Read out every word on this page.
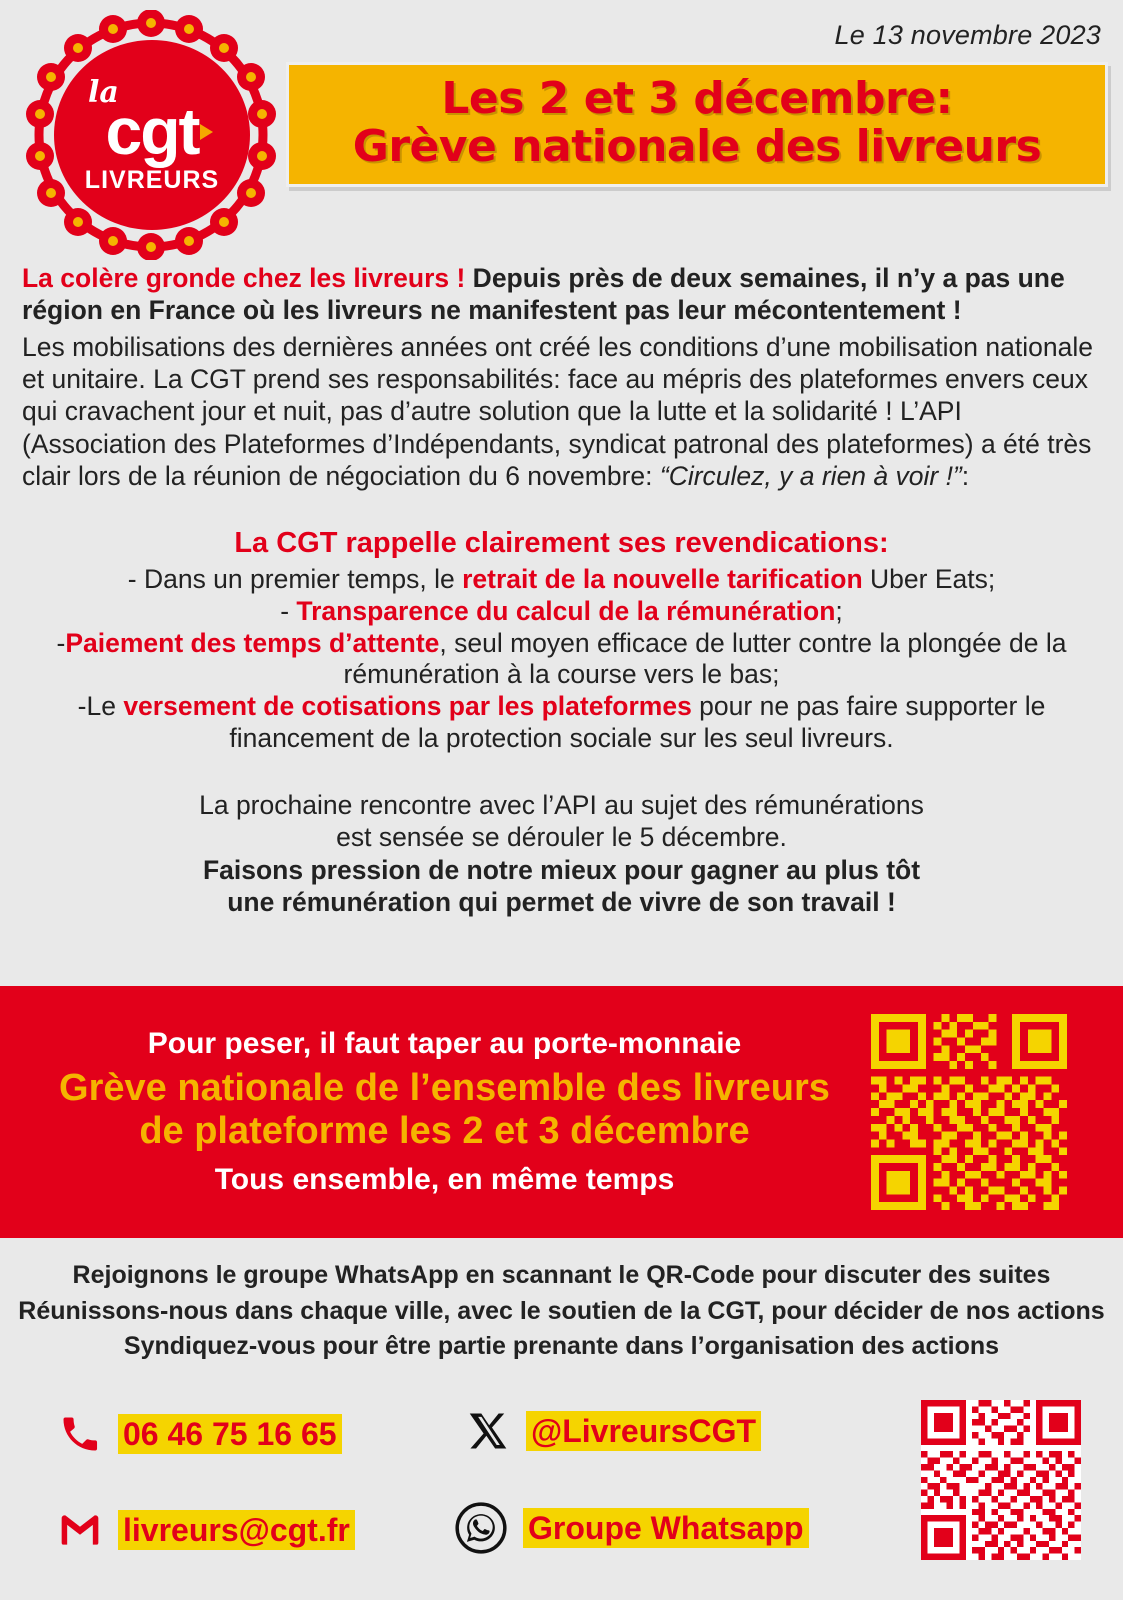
Le 13 novembre 2023
la
cgt
LIVREURS
Les 2 et 3 décembre:
Grève nationale des livreurs

La colère gronde chez les livreurs ! Depuis près de deux semaines, il n’y a pas une région en France où les livreurs ne manifestent pas leur mécontentement !

Les mobilisations des dernières années ont créé les conditions d’une mobilisation nationale et unitaire. La CGT prend ses responsabilités: face au mépris des plateformes envers ceux qui cravachent jour et nuit, pas d’autre solution que la lutte et la solidarité ! L’API (Association des Plateformes d’Indépendants, syndicat patronal des plateformes) a été très clair lors de la réunion de négociation du 6 novembre: “Circulez, y a rien à voir !”:

La CGT rappelle clairement ses revendications:
- Dans un premier temps, le retrait de la nouvelle tarification Uber Eats;
- Transparence du calcul de la rémunération;
-Paiement des temps d’attente, seul moyen efficace de lutter contre la plongée de la rémunération à la course vers le bas;
-Le versement de cotisations par les plateformes pour ne pas faire supporter le financement de la protection sociale sur les seul livreurs.
La prochaine rencontre avec l’API au sujet des rémunérations
est sensée se dérouler le 5 décembre.
Faisons pression de notre mieux pour gagner au plus tôt
une rémunération qui permet de vivre de son travail !
Pour peser, il faut taper au porte-monnaie
Grève nationale de l’ensemble des livreurs
de plateforme les 2 et 3 décembre
Tous ensemble, en même temps
Rejoignons le groupe WhatsApp en scannant le QR-Code pour discuter des suites
Réunissons-nous dans chaque ville, avec le soutien de la CGT, pour décider de nos actions
Syndiquez-vous pour être partie prenante dans l’organisation des actions
06 46 75 16 65	@LivreursCGT
livreurs@cgt.fr	Groupe Whatsapp
